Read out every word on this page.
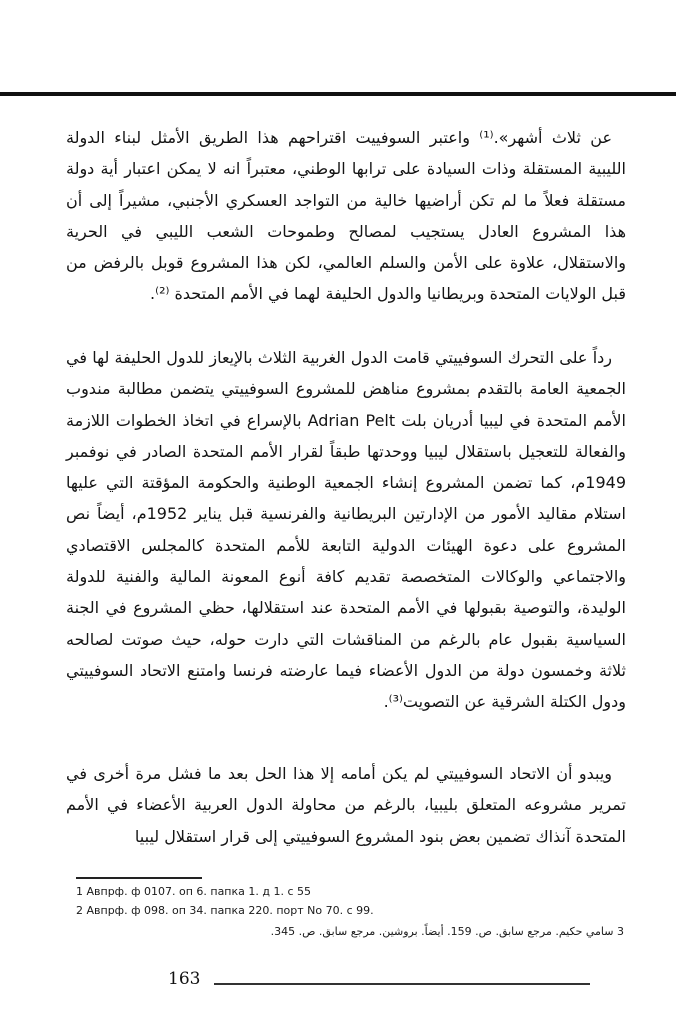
عن ثلاث أشهر».⁽¹⁾ واعتبر السوفييت اقتراحهم هذا الطريق الأمثل لبناء الدولة الليبية المستقلة وذات السيادة على ترابها الوطني، معتبراً انه لا يمكن اعتبار أية دولة مستقلة فعلاً ما لم تكن أراضيها خالية من التواجد العسكري الأجنبي، مشيراً إلى أن هذا المشروع العادل يستجيب لمصالح وطموحات الشعب الليبي في الحرية والاستقلال، علاوة على الأمن والسلم العالمي، لكن هذا المشروع قوبل بالرفض من قبل الولايات المتحدة وبريطانيا والدول الحليفة لهما في الأمم المتحدة ⁽²⁾.

رداً على التحرك السوفييتي قامت الدول الغربية الثلاث بالإيعاز للدول الحليفة لها في الجمعية العامة بالتقدم بمشروع مناهض للمشروع السوفييتي يتضمن مطالبة مندوب الأمم المتحدة في ليبيا أدريان بلت Adrian Pelt بالإسراع في اتخاذ الخطوات اللازمة والفعالة للتعجيل باستقلال ليبيا ووحدتها طبقاً لقرار الأمم المتحدة الصادر في نوفمبر 1949م، كما تضمن المشروع إنشاء الجمعية الوطنية والحكومة المؤقتة التي عليها استلام مقاليد الأمور من الإدارتين البريطانية والفرنسية قبل يناير 1952م، أيضاً نص المشروع على دعوة الهيئات الدولية التابعة للأمم المتحدة كالمجلس الاقتصادي والاجتماعي والوكالات المتخصصة تقديم كافة أنوع المعونة المالية والفنية للدولة الوليدة، والتوصية بقبولها في الأمم المتحدة عند استقلالها، حظي المشروع في الجنة السياسية بقبول عام بالرغم من المناقشات التي دارت حوله، حيث صوتت لصالحه ثلاثة وخمسون دولة من الدول الأعضاء فيما عارضته فرنسا وامتنع الاتحاد السوفييتي ودول الكتلة الشرقية عن التصويت⁽³⁾.

ويبدو أن الاتحاد السوفييتي لم يكن أمامه إلا هذا الحل بعد ما فشل مرة أخرى في تمرير مشروعه المتعلق بليبيا، بالرغم من محاولة الدول العربية الأعضاء في الأمم المتحدة آنذاك تضمين بعض بنود المشروع السوفييتي إلى قرار استقلال ليبيا

1 Авпрф. ф 0107. оп 6. папка 1. д 1. с 55
2 Авпрф. ф 098. оп 34. папка 220. порт No 70. с 99.
3 سامي حكيم. مرجع سابق. ص. 159. أيضاً. بروشين. مرجع سابق. ص. 345.
163
